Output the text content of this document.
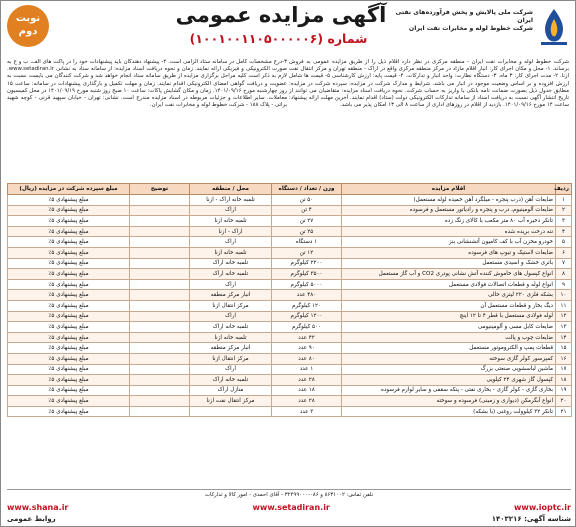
شرکت ملی پالایش و پخش فرآورده‌های نفتی ایران
شرکت خطوط لوله و مخابرات نفت ایران
آگهی مزایده عمومی
(۱۰۰۱۰۰۱۱۰۵۰۰۰۰۰۶) شماره
نوبت دوم
شرکت خطوط لوله و مخابرات نفت ایران - منطقه مرکزی در نظر دارد اقلام ذیل را از طریق مزایده عمومی به فروش برساند. ۱- محل و مکان اجرای کار: انبار اقلام مازاد در مرکز منطقه مرکزی واقع در اراک - منطقه تهران و مرکز انتقال نفت ازنا. ۲- مدت اجرای کار: ۳ ماه. ۳- دستگاه نظارت: واحد انبار و تدارکات. ۴- قیمت پایه: ارزش کارشناسی ۵- قیمت ها شامل ارزش افزوده و بر اساس وضعیت موجود در انبار می باشد. شرایط و مدارک شرکت در مزایده: سپرده شرکت در مزایده: مطابق جدول ذیل بصورت ضمانت نامه بانکی یا واریز به حساب شرکت. نحوه دریافت اسناد مزایده: متقاضیان می توانند از تاریخ انتشار آگهی نسبت به دریافت اسناد از سامانه تدارکات الکترونیکی دولت (ستاد) اقدام نمایند. آخرین مهلت ارائه پیشنهاد: ساعت ۱۴ مورخ ۱۴۰۱/۰۹/۱۶. بازدید از اقلام در روزهای اداری از ساعت ۸ الی ۱۳ امکان پذیر می باشد.
۳-درج مشخصات کامل در سامانه ستاد الزامی است. ۴- پیشنهاد دهندگان باید پیشنهادات خود را در پاکت های الف، ب و ج به صورت الکترونیکی و فیزیکی ارائه نمایند. زمان و نحوه دریافت اسناد مزایده: از سامانه ستاد به نشانی www.setadiran.ir. لازم به ذکر است کلیه مراحل برگزاری مزایده از طریق سامانه ستاد انجام خواهد شد و شرکت کنندگان می بایست نسبت به عضویت و دریافت گواهی امضای الکترونیکی اقدام نمایند. زمان و مهلت تکمیل و بارگذاری پیشنهادات در سامانه: ساعت ۱۵ روز چهارشنبه مورخ ۱۴۰۱/۰۹/۱۶. زمان و مکان گشایش پاکات: ساعت ۱۰ صبح روز شنبه مورخ ۱۴۰۱/۰۹/۱۹ در محل کمیسیون معاملات. سایر اطلاعات و جزئیات مربوطه در اسناد مزایده مندرج است. نشانی: تهران - خیابان سپهبد قرنی - کوچه شهید براتی - پلاک ۱۸۸ - شرکت خطوط لوله و مخابرات نفت ایران.
ردیف	اقلام مزایده	وزن / تعداد / دستگاه	محل / منطقه	توضیح	مبلغ سپرده شرکت در مزایده (ریال)
۱	ضایعات آهن (درب پنجره - میلگرد آهن خمیده لوله مستعمل)	۵۰ تن	تلمبه خانه اراک - ازنا		مبلغ پیشنهادی ۵٪
۲	ضایعات آلومینیوم، درب و پنجره و رادیاتور مستعمل و فرسوده	۴ تن	اراک		مبلغ پیشنهادی ۵٪
۳	تانکر ذخیره آب ۸۰ متر مکعب با کالای زنگ زده	۲۷ تن	تلمبه خانه ازنا		مبلغ پیشنهادی ۵٪
۴	تنه درخت بریده شده	۲۵ تن	اراک - ازنا		مبلغ پیشنهادی ۵٪
۵	خودرو مخزن آب با کف کامیون آتشنشانی بنز	۱ دستگاه	اراک		مبلغ پیشنهادی ۵٪
۶	ضایعات لاستیک و تیوپ های فرسوده	۱۲ تن	تلمبه خانه ازنا		مبلغ پیشنهادی ۵٪
۷	باتری خشک و اسیدی مستعمل	۲۲۰۰ کیلوگرم	تلمبه خانه اراک		مبلغ پیشنهادی ۵٪
۸	انواع کپسول های خاموش کننده آتش نشانی پودری CO2 و آب گاز مستعمل	۳۵۰۰ کیلوگرم	تلمبه خانه اراک		مبلغ پیشنهادی ۵٪
۹	انواع لوله و قطعات اتصالات فولادی مستعمل	۵۰۰۰ کیلوگرم	اراک		مبلغ پیشنهادی ۵٪
۱۰	بشکه فلزی ۲۲۰ لیتری خالی	۴۸۰ عدد	انبار مرکز منطقه		مبلغ پیشنهادی ۵٪
۱۱	دیگ بخار و قطعات مستعمل آن	۱۲۰ کیلوگرم	مرکز انتقال ازنا		مبلغ پیشنهادی ۵٪
۱۲	لوله فولادی مستعمل با قطر ۴ تا ۱۲ اینچ	۱۲۰۰ کیلوگرم	اراک		مبلغ پیشنهادی ۵٪
۱۳	ضایعات کابل مسی و آلومینیومی	۵۰۰ کیلوگرم	تلمبه خانه اراک		مبلغ پیشنهادی ۵٪
۱۴	ضایعات چوب و پالت	۴۲ عدد	تلمبه خانه ازنا		مبلغ پیشنهادی ۵٪
۱۵	قطعات پمپ و الکتروموتور مستعمل	۹۰ عدد	انبار مرکز منطقه		مبلغ پیشنهادی ۵٪
۱۶	کمپرسور کولر گازی سوخته	۸۰ عدد	مرکز انتقال ازنا		مبلغ پیشنهادی ۵٪
۱۷	ماشین لباسشویی صنعتی بزرگ	۱ عدد	اراک		مبلغ پیشنهادی ۵٪
۱۸	کپسول گاز شهری ۲۴ کیلویی	۲۸ عدد	تلمبه خانه اراک		مبلغ پیشنهادی ۵٪
۱۹	بخاری گازی - کولر گازی - بخاری نفتی - پنکه سقفی و سایر لوازم فرسوده	۱۸ عدد	منازل اراک		مبلغ پیشنهادی ۵٪
۲۰	انواع آبگرمکن (دیواری و زمینی) فرسوده و سوخته	۲۸ عدد	مرکز انتقال نفت ازنا		مبلغ پیشنهادی ۵٪
۲۱	تانکر ۳۲ کیلوولت روغنی (با بشکه)	۳ عدد			مبلغ پیشنهادی ۵٪
تلفن تماس: ۸۶۳۱۰۰۲ و ۰۸۶-۳۲۴۹۹۰۰۰ - آقای احمدی - امور کالا و تدارکات
www.shana.ir	www.setadiran.ir	www.ioptc.ir
شناسه آگهی: ۱۴۰۳۲۱۶
روابط عمومی
